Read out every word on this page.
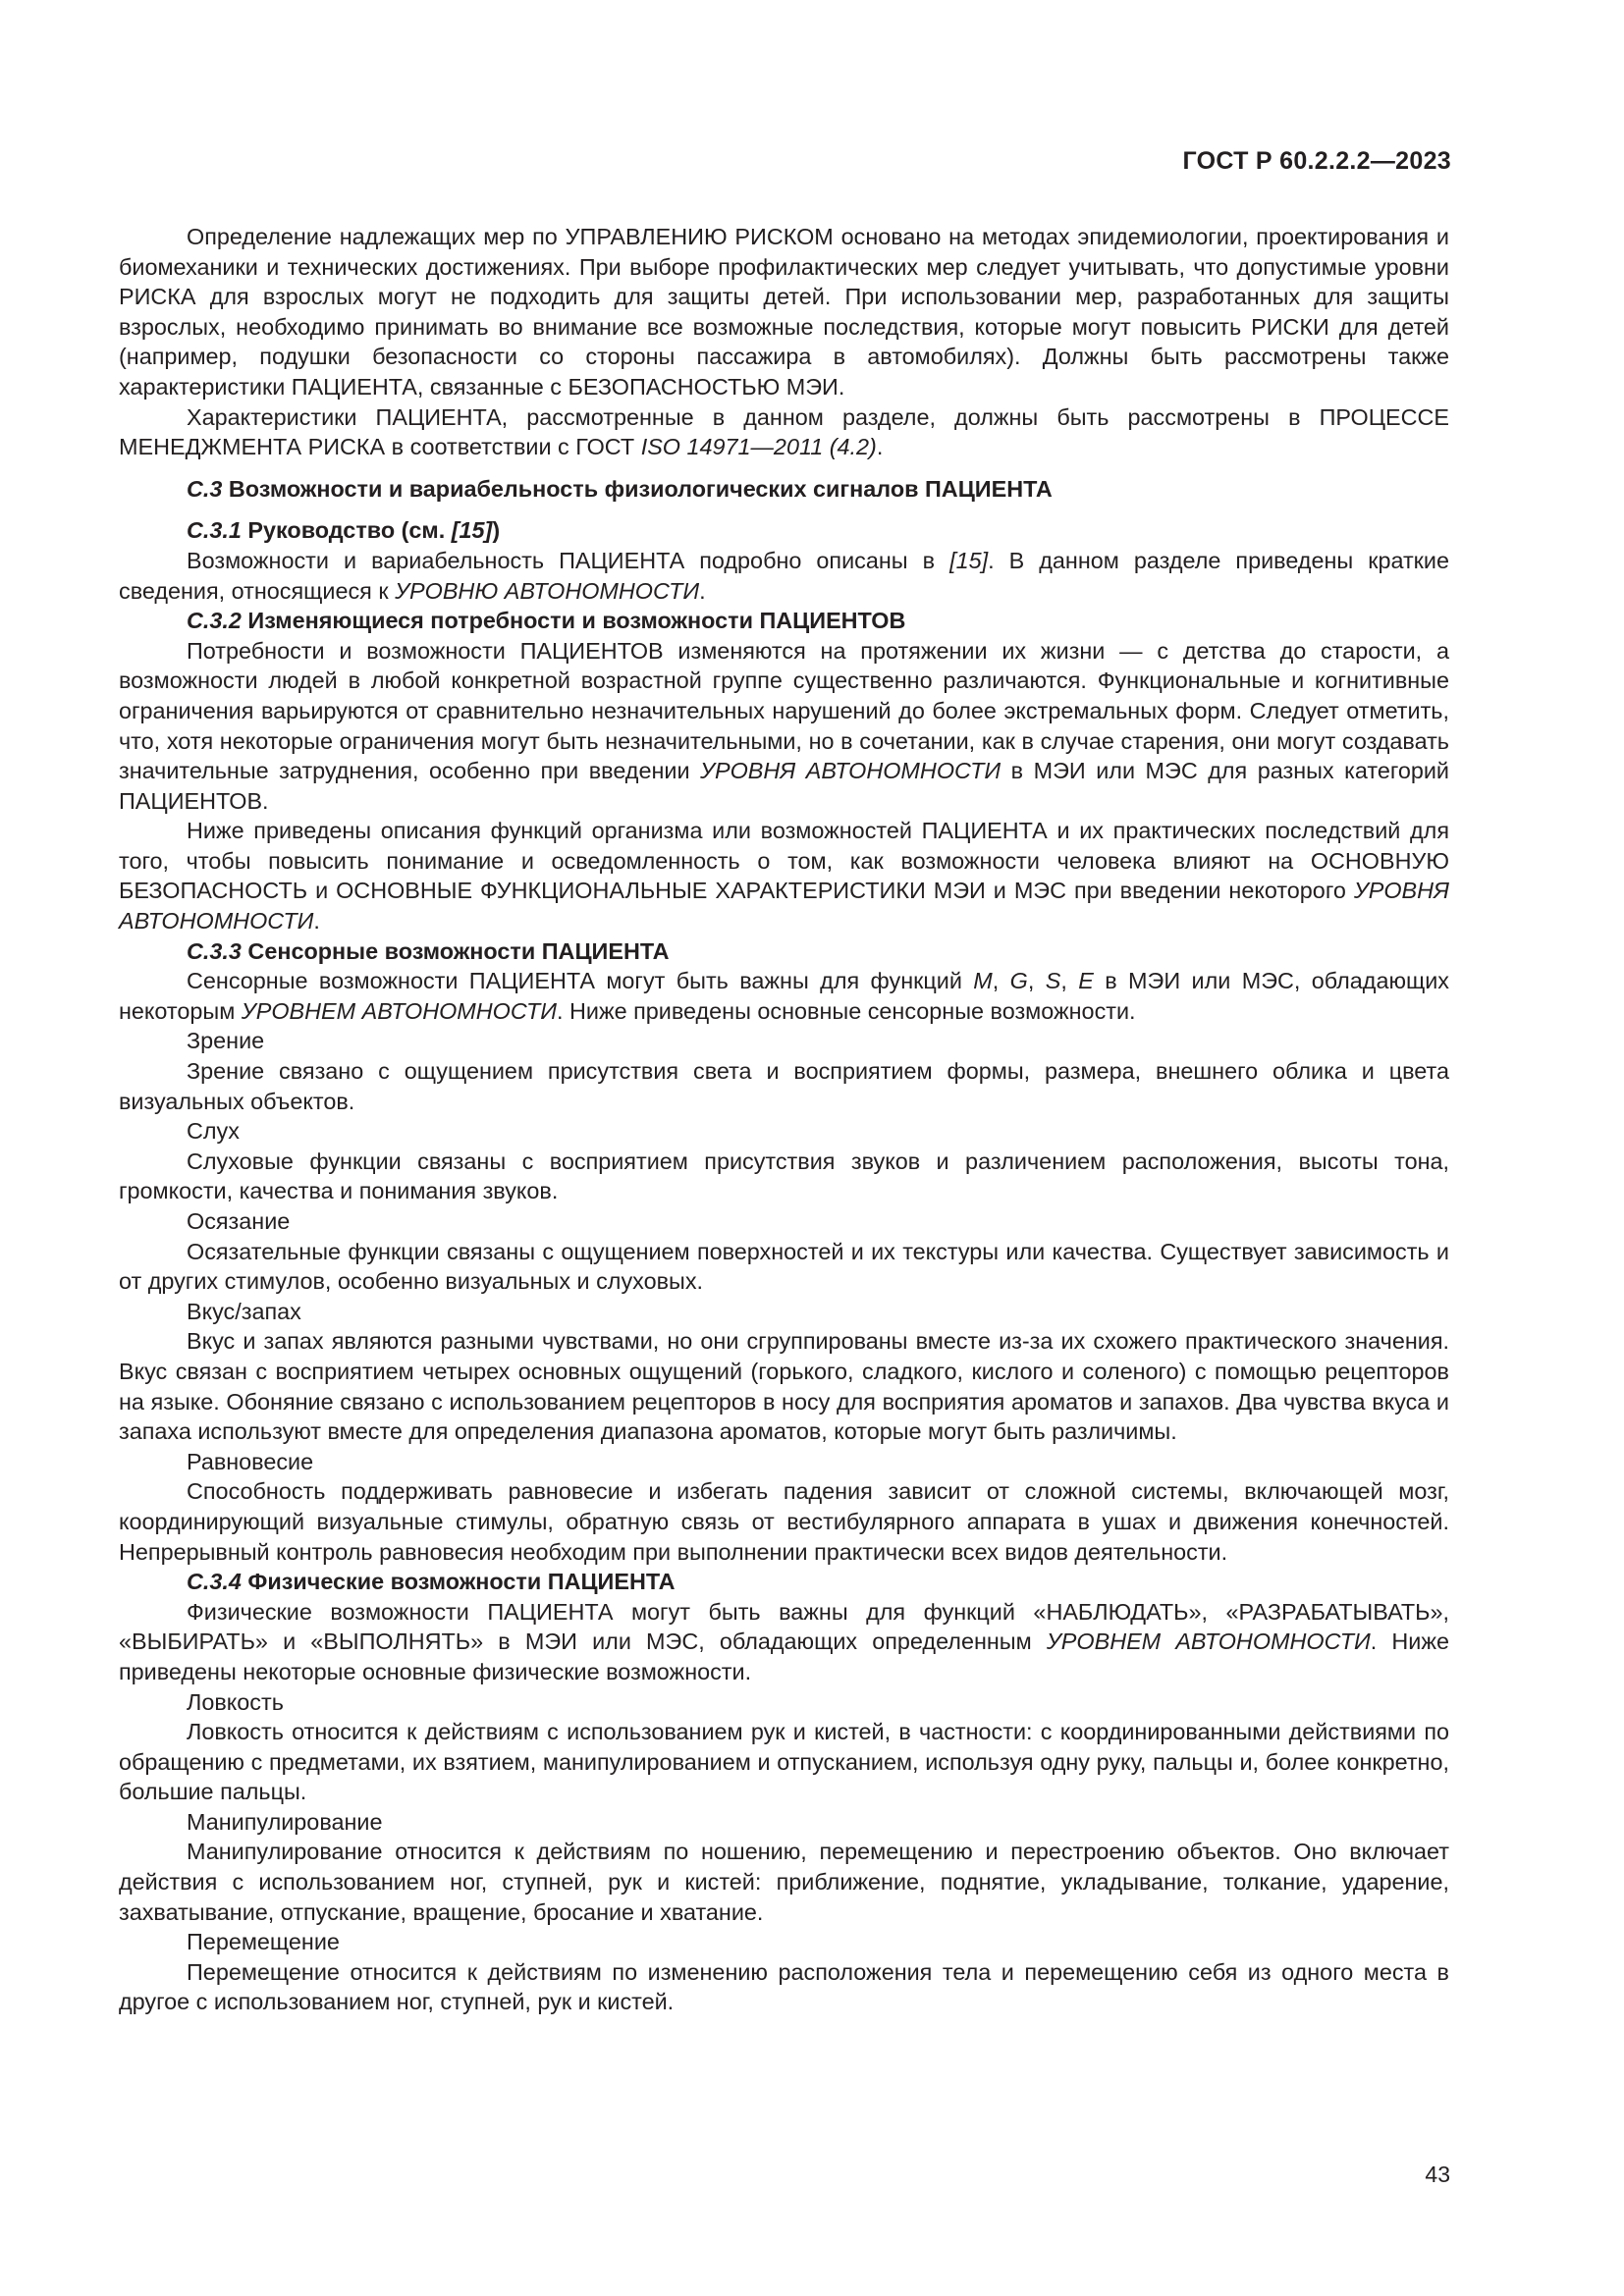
ГОСТ Р 60.2.2.2—2023

Определение надлежащих мер по УПРАВЛЕНИЮ РИСКОМ основано на методах эпидемиологии, проектирования и биомеханики и технических достижениях. При выборе профилактических мер следует учитывать, что допустимые уровни РИСКА для взрослых могут не подходить для защиты детей. При использовании мер, разработанных для защиты взрослых, необходимо принимать во внимание все возможные последствия, которые могут повысить РИСКИ для детей (например, подушки безопасности со стороны пассажира в автомобилях). Должны быть рассмотрены также характеристики ПАЦИЕНТА, связанные с БЕЗОПАСНОСТЬЮ МЭИ.

Характеристики ПАЦИЕНТА, рассмотренные в данном разделе, должны быть рассмотрены в ПРОЦЕССЕ МЕНЕДЖМЕНТА РИСКА в соответствии с ГОСТ ISO 14971—2011 (4.2).

С.3 Возможности и вариабельность физиологических сигналов ПАЦИЕНТА

С.3.1 Руководство (см. [15])

Возможности и вариабельность ПАЦИЕНТА подробно описаны в [15]. В данном разделе приведены краткие сведения, относящиеся к УРОВНЮ АВТОНОМНОСТИ.

С.3.2 Изменяющиеся потребности и возможности ПАЦИЕНТОВ

Потребности и возможности ПАЦИЕНТОВ изменяются на протяжении их жизни — с детства до старости, а возможности людей в любой конкретной возрастной группе существенно различаются. Функциональные и когнитивные ограничения варьируются от сравнительно незначительных нарушений до более экстремальных форм. Следует отметить, что, хотя некоторые ограничения могут быть незначительными, но в сочетании, как в случае старения, они могут создавать значительные затруднения, особенно при введении УРОВНЯ АВТОНОМНОСТИ в МЭИ или МЭС для разных категорий ПАЦИЕНТОВ.

Ниже приведены описания функций организма или возможностей ПАЦИЕНТА и их практических последствий для того, чтобы повысить понимание и осведомленность о том, как возможности человека влияют на ОСНОВНУЮ БЕЗОПАСНОСТЬ и ОСНОВНЫЕ ФУНКЦИОНАЛЬНЫЕ ХАРАКТЕРИСТИКИ МЭИ и МЭС при введении некоторого УРОВНЯ АВТОНОМНОСТИ.

С.3.3 Сенсорные возможности ПАЦИЕНТА

Сенсорные возможности ПАЦИЕНТА могут быть важны для функций M, G, S, E в МЭИ или МЭС, обладающих некоторым УРОВНЕМ АВТОНОМНОСТИ. Ниже приведены основные сенсорные возможности.

Зрение

Зрение связано с ощущением присутствия света и восприятием формы, размера, внешнего облика и цвета визуальных объектов.

Слух

Слуховые функции связаны с восприятием присутствия звуков и различением расположения, высоты тона, громкости, качества и понимания звуков.

Осязание

Осязательные функции связаны с ощущением поверхностей и их текстуры или качества. Существует зависимость и от других стимулов, особенно визуальных и слуховых.

Вкус/запах

Вкус и запах являются разными чувствами, но они сгруппированы вместе из-за их схожего практического значения. Вкус связан с восприятием четырех основных ощущений (горького, сладкого, кислого и соленого) с помощью рецепторов на языке. Обоняние связано с использованием рецепторов в носу для восприятия ароматов и запахов. Два чувства вкуса и запаха используют вместе для определения диапазона ароматов, которые могут быть различимы.

Равновесие

Способность поддерживать равновесие и избегать падения зависит от сложной системы, включающей мозг, координирующий визуальные стимулы, обратную связь от вестибулярного аппарата в ушах и движения конечностей. Непрерывный контроль равновесия необходим при выполнении практически всех видов деятельности.

С.3.4 Физические возможности ПАЦИЕНТА

Физические возможности ПАЦИЕНТА могут быть важны для функций «НАБЛЮДАТЬ», «РАЗРАБАТЫВАТЬ», «ВЫБИРАТЬ» и «ВЫПОЛНЯТЬ» в МЭИ или МЭС, обладающих определенным УРОВНЕМ АВТОНОМНОСТИ. Ниже приведены некоторые основные физические возможности.

Ловкость

Ловкость относится к действиям с использованием рук и кистей, в частности: с координированными действиями по обращению с предметами, их взятием, манипулированием и отпусканием, используя одну руку, пальцы и, более конкретно, большие пальцы.

Манипулирование

Манипулирование относится к действиям по ношению, перемещению и перестроению объектов. Оно включает действия с использованием ног, ступней, рук и кистей: приближение, поднятие, укладывание, толкание, ударение, захватывание, отпускание, вращение, бросание и хватание.

Перемещение

Перемещение относится к действиям по изменению расположения тела и перемещению себя из одного места в другое с использованием ног, ступней, рук и кистей.

43
